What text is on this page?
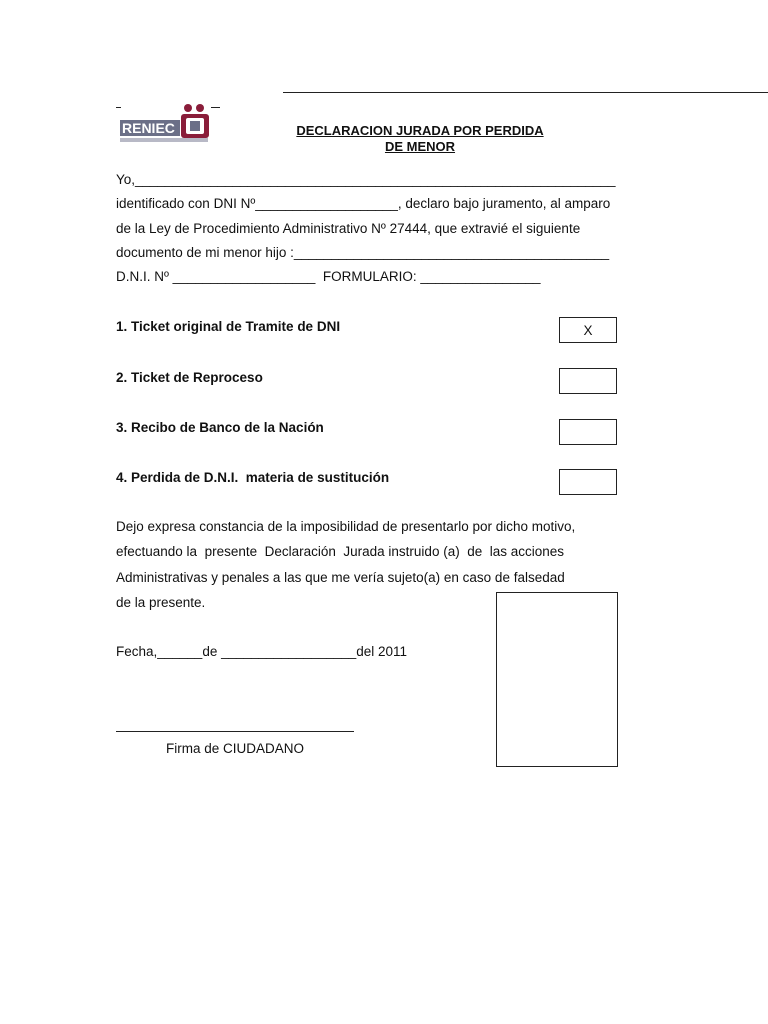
RENIEC	DECLARACION JURADA POR PERDIDA
DE MENOR
Yo,________________________________________________________________
identificado con DNI Nº___________________, declaro bajo juramento, al amparo
de la Ley de Procedimiento Administrativo Nº 27444, que extravié el siguiente
documento de mi menor hijo :__________________________________________
D.N.I. Nº ___________________  FORMULARIO: ________________
1. Ticket original de Tramite de DNI	X
2. Ticket de Reproceso
3. Recibo de Banco de la Nación
4. Perdida de D.N.I.  materia de sustitución
Dejo expresa constancia de la imposibilidad de presentarlo por dicho motivo,
efectuando la  presente  Declaración  Jurada instruido (a)  de  las acciones
Administrativas y penales a las que me vería sujeto(a) en caso de falsedad
de la presente.
Fecha,______de __________________del 2011
Firma de CIUDADANO
